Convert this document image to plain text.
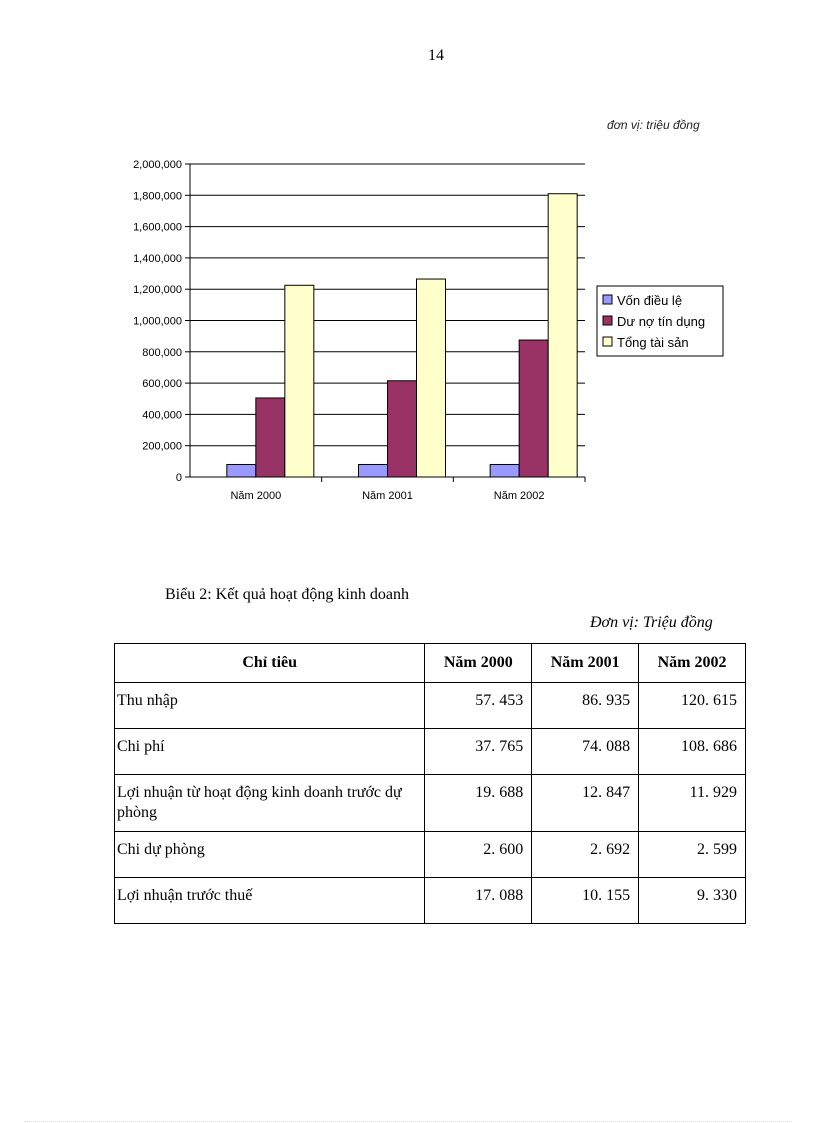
14
đơn vị: triệu đồng
0
200,000
400,000
600,000
800,000
1,000,000
1,200,000
1,400,000
1,600,000
1,800,000
2,000,000
Năm 2000	Năm 2001	Năm 2002
Vốn điều lệ
Dư nợ tín dụng
Tổng tài sản
Biểu 2: Kết quả hoạt động kinh doanh
Đơn vị: Triệu đồng
Chỉ tiêu	Năm 2000	Năm 2001	Năm 2002
Thu nhập	57. 453	86. 935	120. 615
Chi phí	37. 765	74. 088	108. 686
Lợi nhuận từ hoạt động kinh doanh trước dự phòng	19. 688	12. 847	11. 929
Chi dự phòng	2. 600	2. 692	2. 599
Lợi nhuận trước thuế	17. 088	10. 155	9. 330
